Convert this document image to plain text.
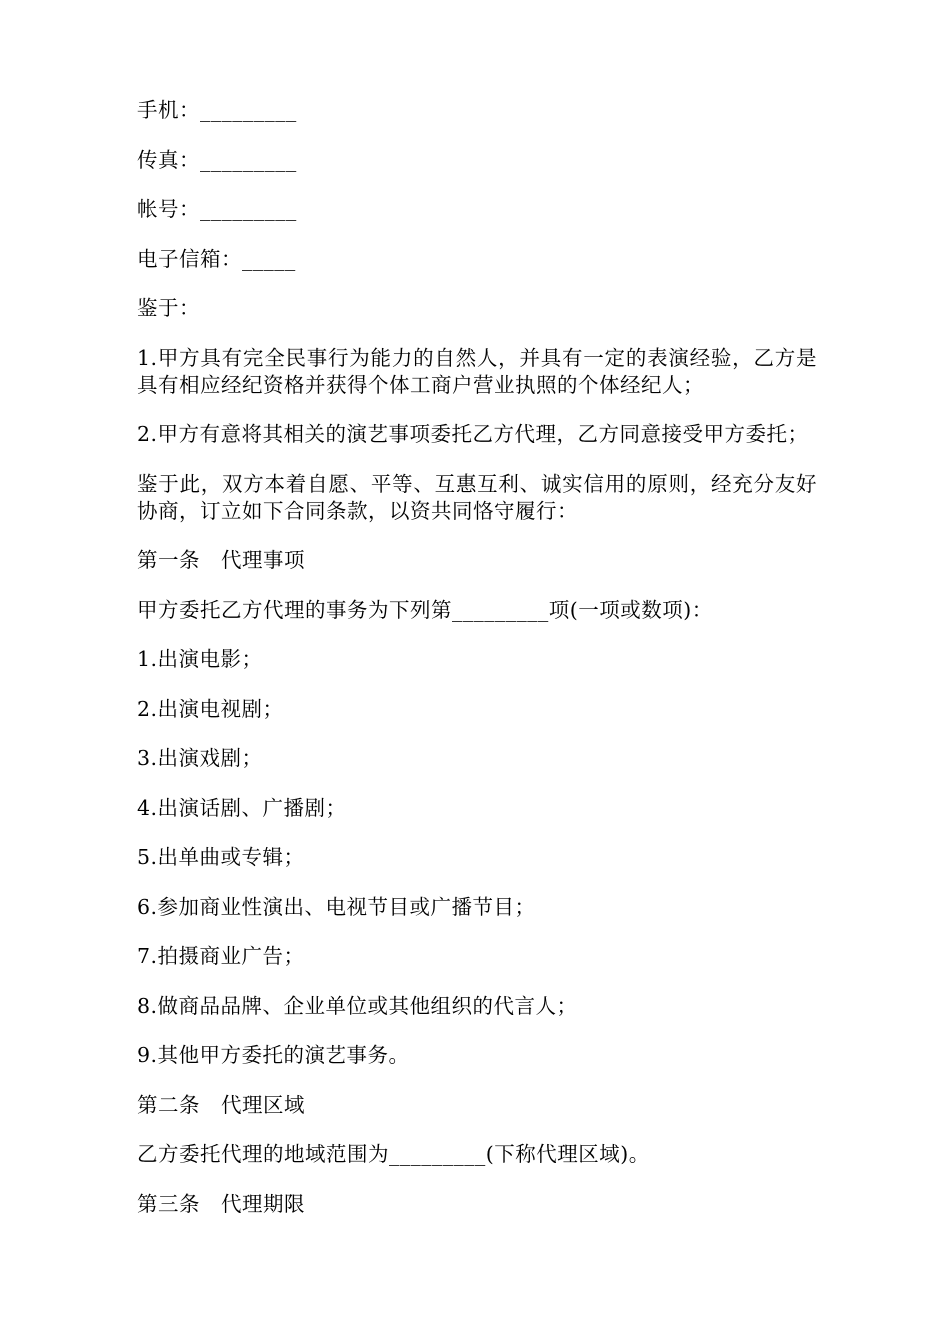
手机：_________

传真：_________

帐号：_________

电子信箱：_____

鉴于：

1.甲方具有完全民事行为能力的自然人，并具有一定的表演经验，乙方是具有相应经纪资格并获得个体工商户营业执照的个体经纪人；

2.甲方有意将其相关的演艺事项委托乙方代理，乙方同意接受甲方委托；

鉴于此，双方本着自愿、平等、互惠互利、诚实信用的原则，经充分友好协商，订立如下合同条款，以资共同恪守履行：

第一条　代理事项

甲方委托乙方代理的事务为下列第_________项(一项或数项)：

1.出演电影；

2.出演电视剧；

3.出演戏剧；

4.出演话剧、广播剧；

5.出单曲或专辑；

6.参加商业性演出、电视节目或广播节目；

7.拍摄商业广告；

8.做商品品牌、企业单位或其他组织的代言人；

9.其他甲方委托的演艺事务。

第二条　代理区域

乙方委托代理的地域范围为_________(下称代理区域)。

第三条　代理期限
